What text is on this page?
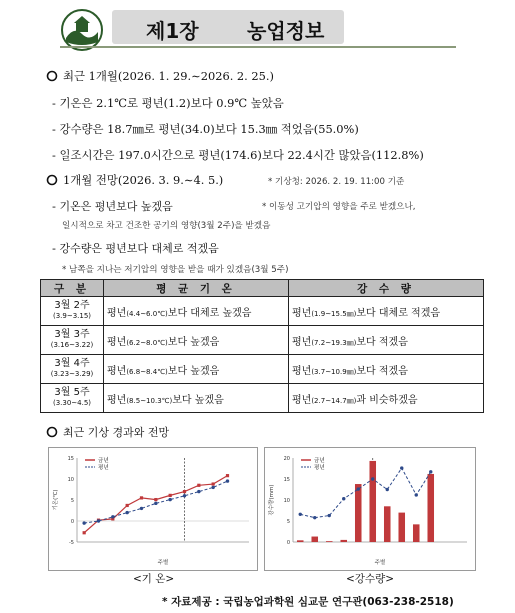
제1장 농업정보
최근 1개월(2026. 1. 29.∼2026. 2. 25.)
- 기온은 2.1℃로 평년(1.2)보다 0.9℃ 높았음
- 강수량은 18.7㎜로 평년(34.0)보다 15.3㎜ 적었음(55.0%)
- 일조시간은 197.0시간으로 평년(174.6)보다 22.4시간 많았음(112.8%)
1개월 전망(2026. 3. 9.∼4. 5.)	* 기상청: 2026. 2. 19. 11:00 기준
- 기온은 평년보다 높겠음	* 이동성 고기압의 영향을 주로 받겠으나,
일시적으로 차고 건조한 공기의 영향(3월 2주)을 받겠음
- 강수량은 평년보다 대체로 적겠음
* 남쪽을 지나는 저기압의 영향을 받을 때가 있겠음(3월 5주)
구 분	평 균 기 온	강 수 량
3월 2주
(3.9~3.15)	평년(4.4~6.0℃)보다 대체로 높겠음	평년(1.9~15.5㎜)보다 대체로 적겠음
3월 3주
(3.16~3.22)	평년(6.2~8.0℃)보다 높겠음	평년(7.2~19.3㎜)보다 적겠음
3월 4주
(3.23~3.29)	평년(6.8~8.4℃)보다 높겠음	평년(3.7~10.9㎜)보다 적겠음
3월 5주
(3.30~4.5)	평년(8.5~10.3℃)보다 높겠음	평년(2.7~14.7㎜)과 비슷하겠음
최근 기상 경과와 전망
-5
0
5
10
15
기온(℃)
주별
금년
평년
0
5
10
15
20
강수량(mm)
주별
금년
평년
<기 온>	<강수량>
* 자료제공 : 국립농업과학원 심교문 연구관(063-238-2518)
